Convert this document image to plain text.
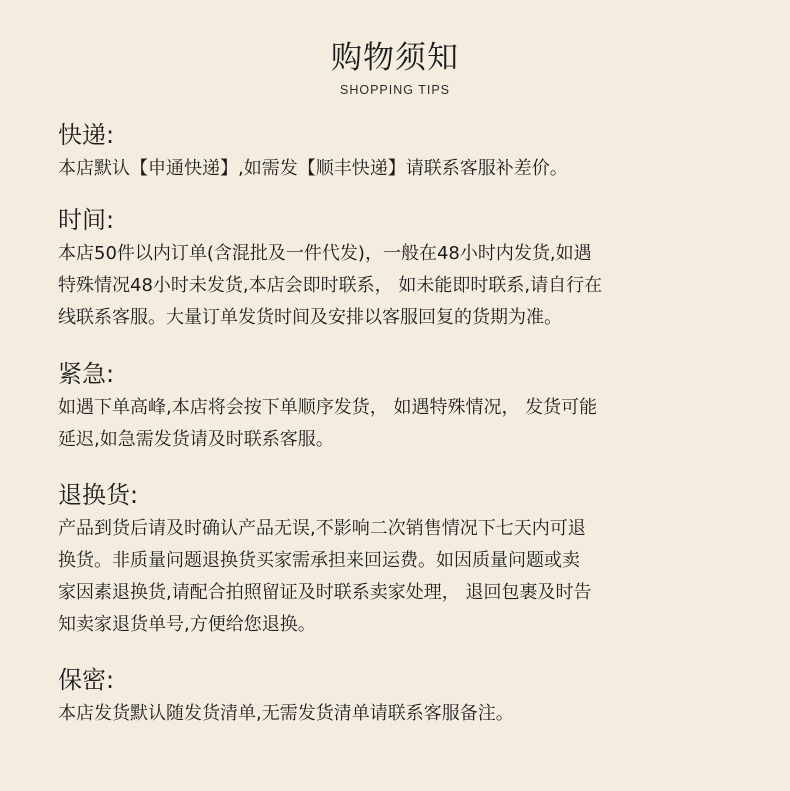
购物须知
SHOPPING TIPS
快递:

本店默认【申通快递】,如需发【顺丰快递】请联系客服补差价。

时间:

本店50件以内订单(含混批及一件代发)，一般在48小时内发货,如遇
特殊情况48小时未发货,本店会即时联系， 如未能即时联系,请自行在
线联系客服。大量订单发货时间及安排以客服回复的货期为准。

紧急:

如遇下单高峰,本店将会按下单顺序发货， 如遇特殊情况， 发货可能
延迟,如急需发货请及时联系客服。

退换货:

产品到货后请及时确认产品无误,不影响二次销售情况下七天内可退
换货。非质量问题退换货买家需承担来回运费。如因质量问题或卖
家因素退换货,请配合拍照留证及时联系卖家处理， 退回包裹及时告
知卖家退货单号,方便给您退换。

保密:

本店发货默认随发货清单,无需发货清单请联系客服备注。
